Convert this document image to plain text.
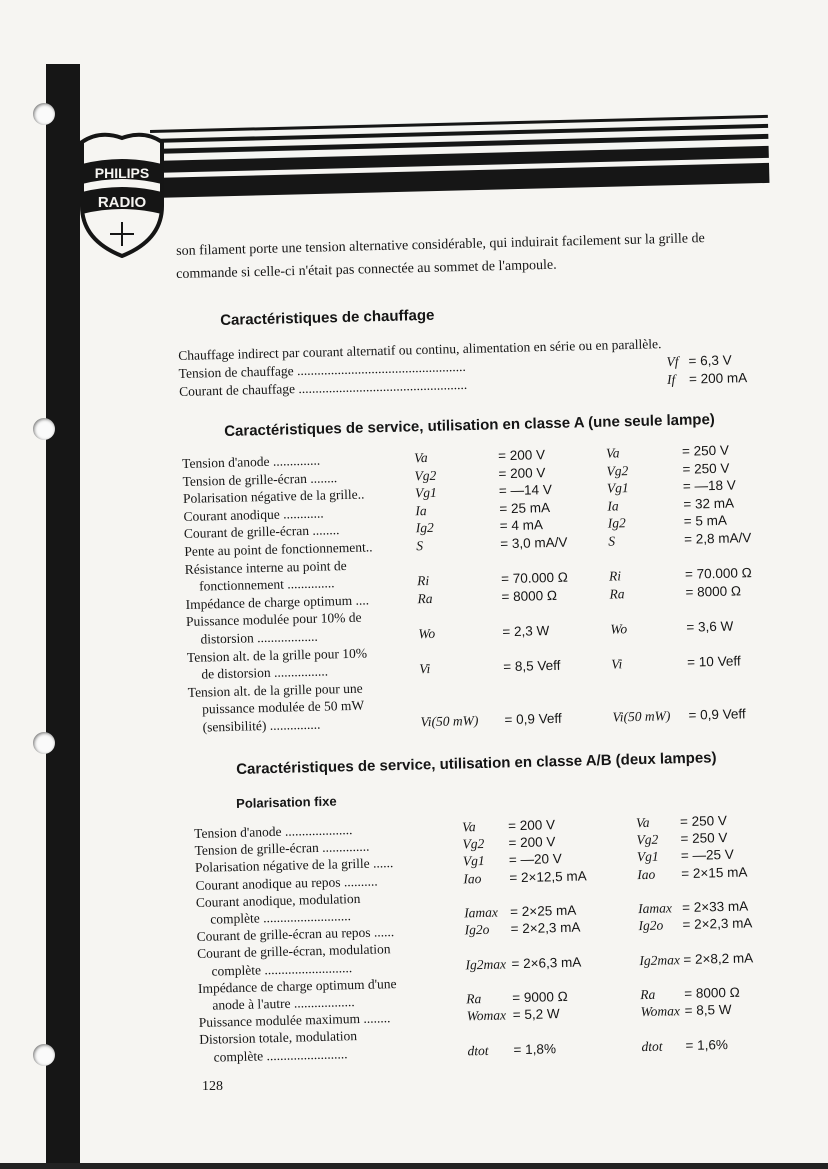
PHILIPS
RADIO
son filament porte une tension alternative considérable, qui induirait facilement sur la grille de
commande si celle-ci n'était pas connectée au sommet de l'ampoule.
Caractéristiques de chauffage
Chauffage indirect par courant alternatif ou continu, alimentation en série ou en parallèle.
Tension de chauffage ..................................................	Vf = 6,3 V
Courant de chauffage ..................................................	If = 200 mA
Caractéristiques de service, utilisation en classe A (une seule lampe)
Tension d'anode ..............	Va	= 200 V	Va	= 250 V
Tension de grille-écran ........	Vg2	= 200 V	Vg2	= 250 V
Polarisation négative de la grille..	Vg1	= —14 V	Vg1	= —18 V
Courant anodique ............	Ia	= 25 mA	Ia	= 32 mA
Courant de grille-écran ........	Ig2	= 4 mA	Ig2	= 5 mA
Pente au point de fonctionnement..	S	= 3,0 mA/V	S	= 2,8 mA/V
Résistance interne au point de
fonctionnement ..............	Ri	= 70.000 Ω	Ri	= 70.000 Ω
Impédance de charge optimum ....	Ra	= 8000 Ω	Ra	= 8000 Ω
Puissance modulée pour 10% de
distorsion ..................	Wo	= 2,3 W	Wo	= 3,6 W
Tension alt. de la grille pour 10%
de distorsion ................	Vi	= 8,5 Veff	Vi	= 10 Veff
Tension alt. de la grille pour une
puissance modulée de 50 mW
(sensibilité) ...............	Vi(50 mW) = 0,9 Veff	Vi(50 mW) = 0,9 Veff
Caractéristiques de service, utilisation en classe A/B (deux lampes)
Polarisation fixe
Tension d'anode ....................	Va = 200 V	Va = 250 V
Tension de grille-écran ..............	Vg2 = 200 V	Vg2 = 250 V
Polarisation négative de la grille ......	Vg1 = —20 V	Vg1 = —25 V
Courant anodique au repos ..........	Iao = 2×12,5 mA	Iao = 2×15 mA
Courant anodique, modulation
complète ..........................	Iamax = 2×25 mA	Iamax = 2×33 mA
Courant de grille-écran au repos ......	Ig2o = 2×2,3 mA	Ig2o = 2×2,3 mA
Courant de grille-écran, modulation
complète ..........................	Ig2max = 2×6,3 mA	Ig2max = 2×8,2 mA
Impédance de charge optimum d'une
anode à l'autre ..................	Ra = 9000 Ω	Ra = 8000 Ω
Puissance modulée maximum ........	Womax = 5,2 W	Womax = 8,5 W
Distorsion totale, modulation
complète ........................	dtot = 1,8%	dtot = 1,6%
128
